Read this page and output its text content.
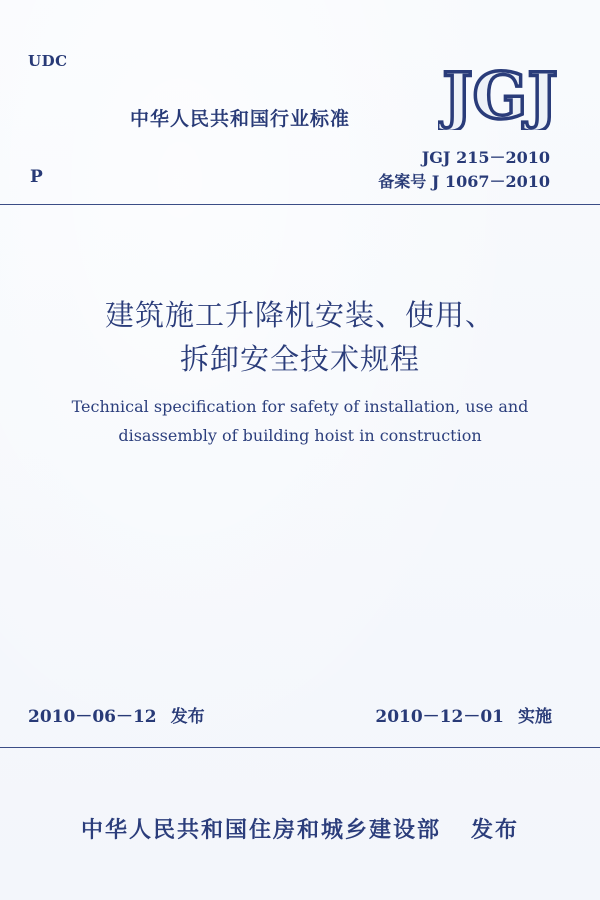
UDC
中华人民共和国行业标准 JGJ
JGJ 215－2010
备案号 J 1067－2010
P
建筑施工升降机安装、使用、
拆卸安全技术规程
Technical specification for safety of installation, use and
disassembly of building hoist in construction
2010－06－12 发布	2010－12－01 实施
中华人民共和国住房和城乡建设部 发布
